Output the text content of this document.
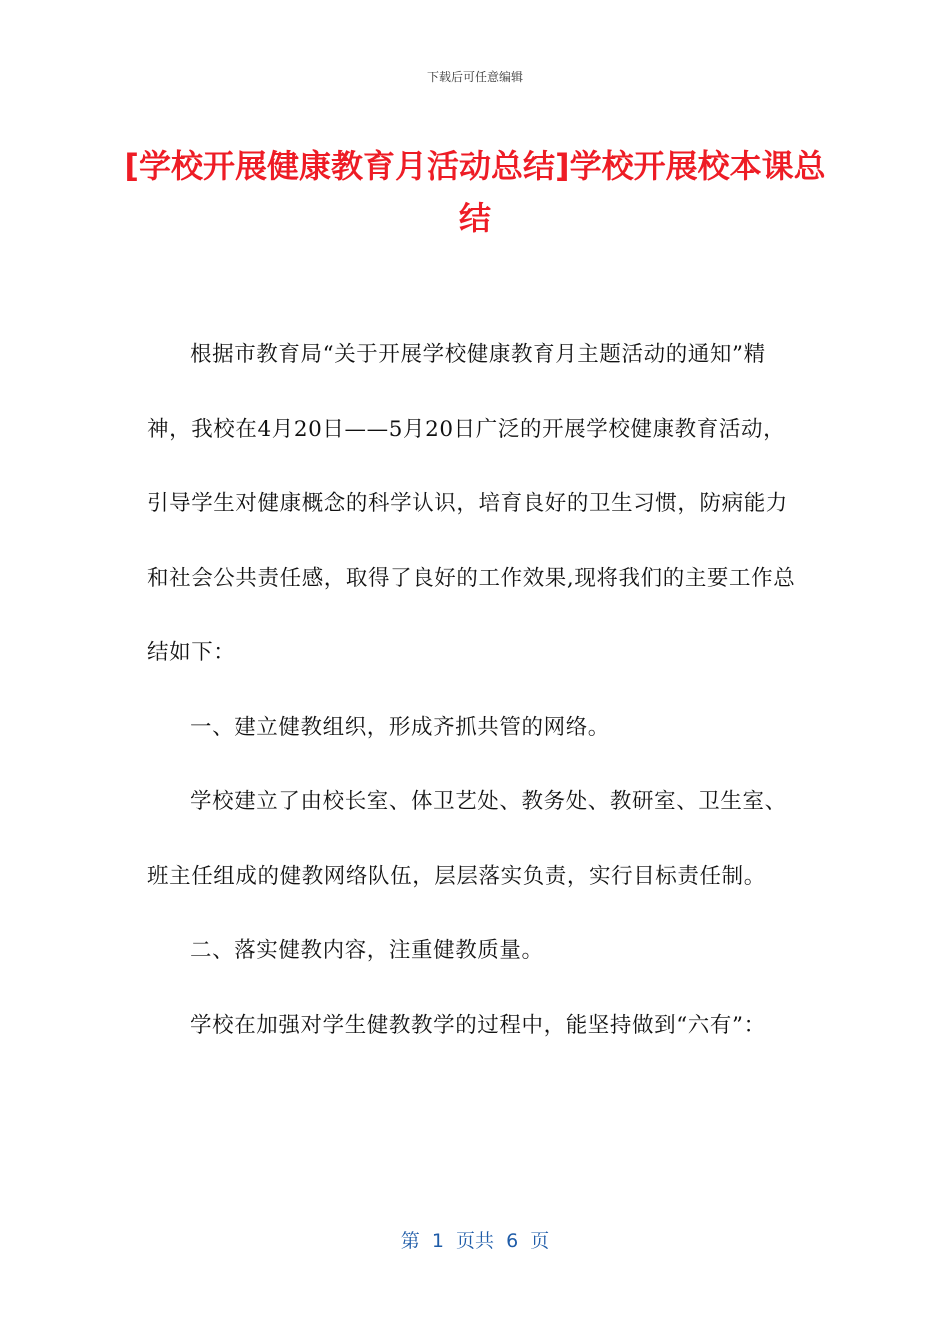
下载后可任意编辑
[学校开展健康教育月活动总结]学校开展校本课总结

根据市教育局“关于开展学校健康教育月主题活动的通知”精神，我校在4月20日——5月20日广泛的开展学校健康教育活动，引导学生对健康概念的科学认识，培育良好的卫生习惯，防病能力和社会公共责任感，取得了良好的工作效果,现将我们的主要工作总结如下：

一、建立健教组织，形成齐抓共管的网络。

学校建立了由校长室、体卫艺处、教务处、教研室、卫生室、班主任组成的健教网络队伍，层层落实负责，实行目标责任制。

二、落实健教内容，注重健教质量。

学校在加强对学生健教教学的过程中，能坚持做到“六有”：

第  1  页共  6  页
